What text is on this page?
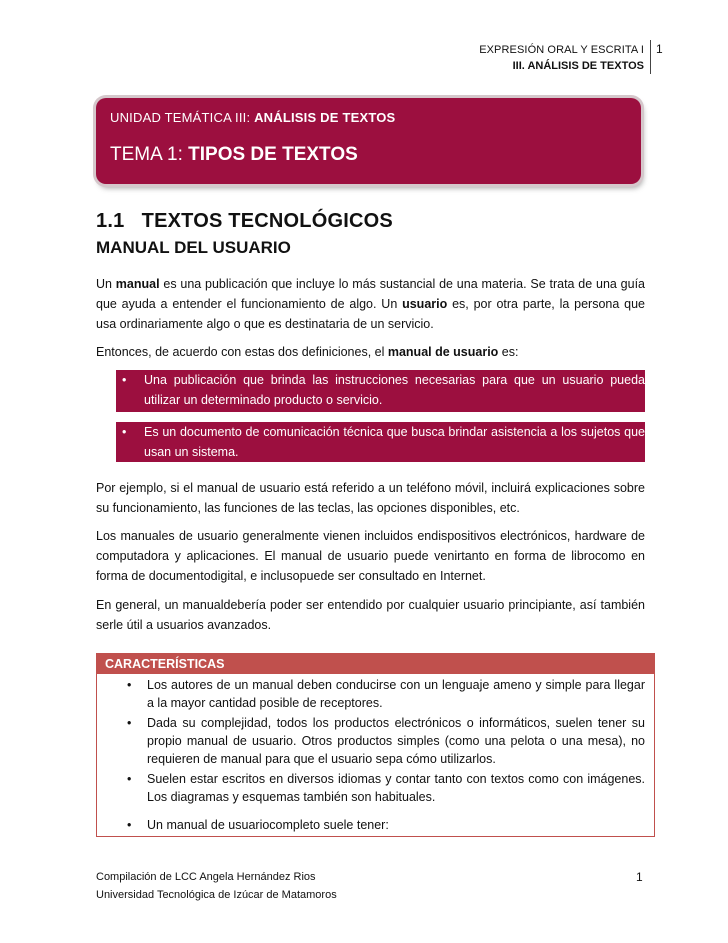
EXPRESIÓN ORAL Y ESCRITA I
III. ANÁLISIS DE TEXTOS
1
UNIDAD TEMÁTICA III: ANÁLISIS DE TEXTOS
TEMA 1: TIPOS DE TEXTOS
1.1   TEXTOS TECNOLÓGICOS
MANUAL DEL USUARIO
Un manual es una publicación que incluye lo más sustancial de una materia. Se trata de una guía que ayuda a entender el funcionamiento de algo. Un usuario es, por otra parte, la persona que usa ordinariamente algo o que es destinataria de un servicio.
Entonces, de acuerdo con estas dos definiciones, el manual de usuario es:
• Una publicación que brinda las instrucciones necesarias para que un usuario pueda utilizar un determinado producto o servicio.
• Es un documento de comunicación técnica que busca brindar asistencia a los sujetos que usan un sistema.
Por ejemplo, si el manual de usuario está referido a un teléfono móvil, incluirá explicaciones sobre su funcionamiento, las funciones de las teclas, las opciones disponibles, etc.
Los manuales de usuario generalmente vienen incluidos endispositivos electrónicos, hardware de computadora y aplicaciones. El manual de usuario puede venirtanto en forma de librocomo en forma de documentodigital, e inclusopuede ser consultado en Internet.
En general, un manualdebería poder ser entendido por cualquier usuario principiante, así también serle útil a usuarios avanzados.
CARACTERÍSTICAS
• Los autores de un manual deben conducirse con un lenguaje ameno y simple para llegar a la mayor cantidad posible de receptores.
• Dada su complejidad, todos los productos electrónicos o informáticos, suelen tener su propio manual de usuario. Otros productos simples (como una pelota o una mesa), no requieren de manual para que el usuario sepa cómo utilizarlos.
• Suelen estar escritos en diversos idiomas y contar tanto con textos como con imágenes. Los diagramas y esquemas también son habituales.
• Un manual de usuariocompleto suele tener:
Compilación de LCC Angela Hernández Rios
Universidad Tecnológica de Izúcar de Matamoros
1
